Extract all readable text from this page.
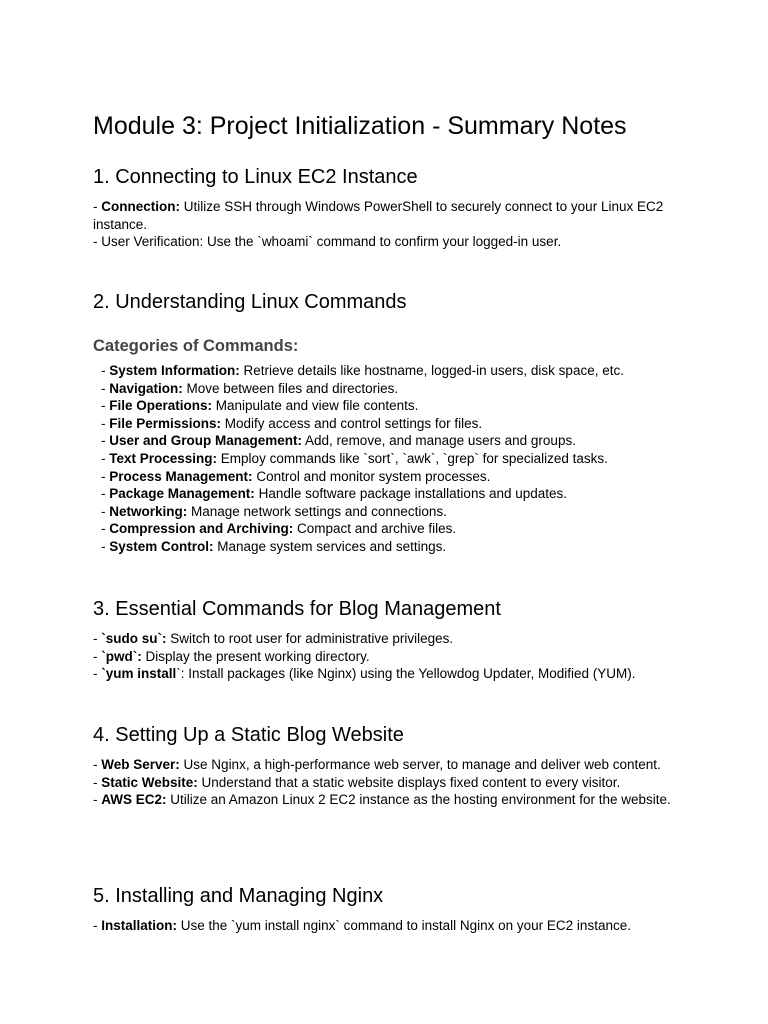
Module 3: Project Initialization - Summary Notes
1. Connecting to Linux EC2 Instance

- Connection: Utilize SSH through Windows PowerShell to securely connect to your Linux EC2 instance.

- User Verification: Use the `whoami` command to confirm your logged-in user.

2. Understanding Linux Commands
Categories of Commands:
- System Information: Retrieve details like hostname, logged-in users, disk space, etc.
- Navigation: Move between files and directories.
- File Operations: Manipulate and view file contents.
- File Permissions: Modify access and control settings for files.
- User and Group Management: Add, remove, and manage users and groups.
- Text Processing: Employ commands like `sort`, `awk`, `grep` for specialized tasks.
- Process Management: Control and monitor system processes.
- Package Management: Handle software package installations and updates.
- Networking: Manage network settings and connections.
- Compression and Archiving: Compact and archive files.
- System Control: Manage system services and settings.
3. Essential Commands for Blog Management

- `sudo su`: Switch to root user for administrative privileges.

- `pwd`: Display the present working directory.

- `yum install`: Install packages (like Nginx) using the Yellowdog Updater, Modified (YUM).

4. Setting Up a Static Blog Website

- Web Server: Use Nginx, a high-performance web server, to manage and deliver web content.

- Static Website: Understand that a static website displays fixed content to every visitor.

- AWS EC2: Utilize an Amazon Linux 2 EC2 instance as the hosting environment for the website.

5. Installing and Managing Nginx

- Installation: Use the `yum install nginx` command to install Nginx on your EC2 instance.
